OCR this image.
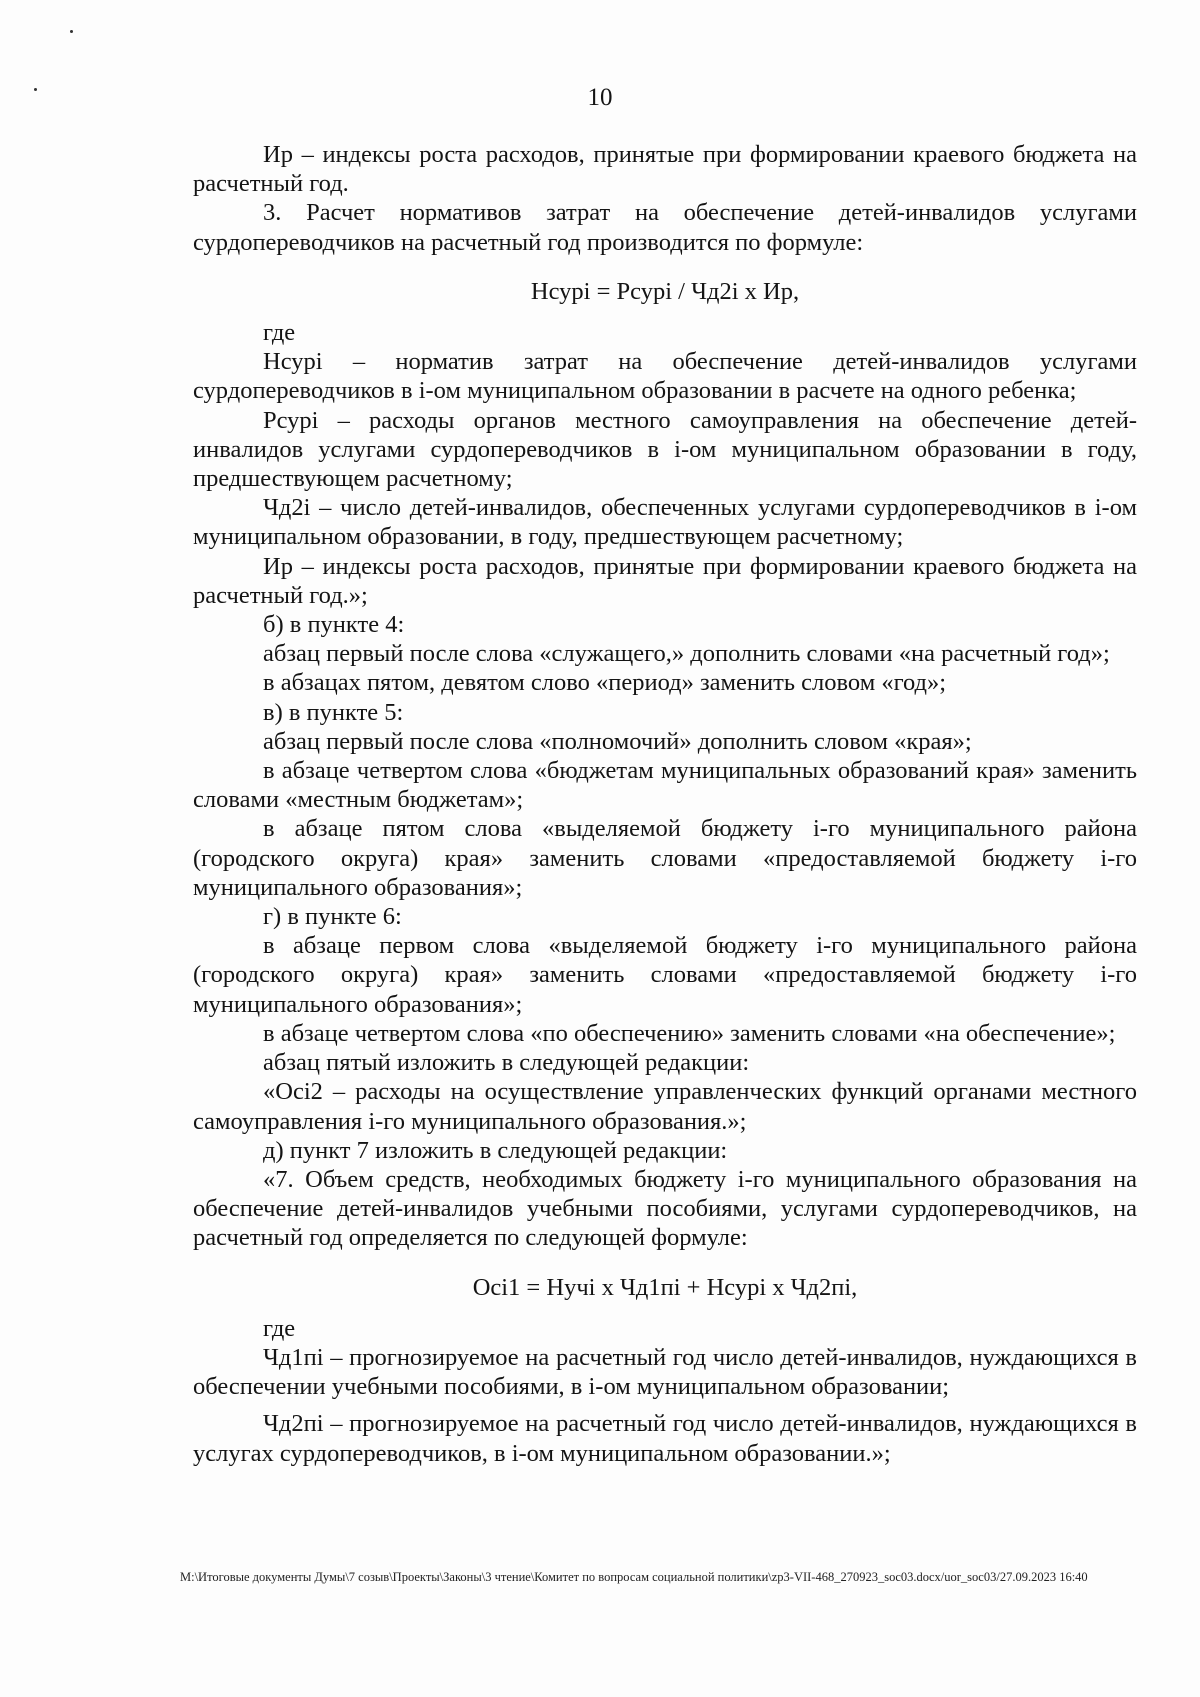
10

Ир – индексы роста расходов, принятые при формировании краевого бюджета на расчетный год.

3. Расчет нормативов затрат на обеспечение детей-инвалидов услугами сурдопереводчиков на расчетный год производится по формуле:

Нсурi = Рсурi / Чд2i х Ир,

где

Нсурi – норматив затрат на обеспечение детей-инвалидов услугами сурдопереводчиков в i-ом муниципальном образовании в расчете на одного ребенка;

Рсурi – расходы органов местного самоуправления на обеспечение детей-инвалидов услугами сурдопереводчиков в i-ом муниципальном образовании в году, предшествующем расчетному;

Чд2i – число детей-инвалидов, обеспеченных услугами сурдопереводчиков в i-ом муниципальном образовании, в году, предшествующем расчетному;

Ир – индексы роста расходов, принятые при формировании краевого бюджета на расчетный год.»;

б) в пункте 4:

абзац первый после слова «служащего,» дополнить словами «на расчетный год»;

в абзацах пятом, девятом слово «период» заменить словом «год»;

в) в пункте 5:

абзац первый после слова «полномочий» дополнить словом «края»;

в абзаце четвертом слова «бюджетам муниципальных образований края» заменить словами «местным бюджетам»;

в абзаце пятом слова «выделяемой бюджету i-го муниципального района (городского округа) края» заменить словами «предоставляемой бюджету i-го муниципального образования»;

г) в пункте 6:

в абзаце первом слова «выделяемой бюджету i-го муниципального района (городского округа) края» заменить словами «предоставляемой бюджету i-го муниципального образования»;

в абзаце четвертом слова «по обеспечению» заменить словами «на обеспечение»;

абзац пятый изложить в следующей редакции:

«Осi2 – расходы на осуществление управленческих функций органами местного самоуправления i-го муниципального образования.»;

д) пункт 7 изложить в следующей редакции:

«7. Объем средств, необходимых бюджету i-го муниципального образования на обеспечение детей-инвалидов учебными пособиями, услугами сурдопереводчиков, на расчетный год определяется по следующей формуле:

Осi1 = Нучi х Чд1пi + Нсурi х Чд2пi,

где

Чд1пi – прогнозируемое на расчетный год число детей-инвалидов, нуждающихся в обеспечении учебными пособиями, в i-ом муниципальном образовании;

Чд2пi – прогнозируемое на расчетный год число детей-инвалидов, нуждающихся в услугах сурдопереводчиков, в i-ом муниципальном образовании.»;

M:\Итоговые документы Думы\7 созыв\Проекты\Законы\3 чтение\Комитет по вопросам социальной политики\zp3-VII-468_270923_soc03.docx/uor_soc03/27.09.2023 16:40
